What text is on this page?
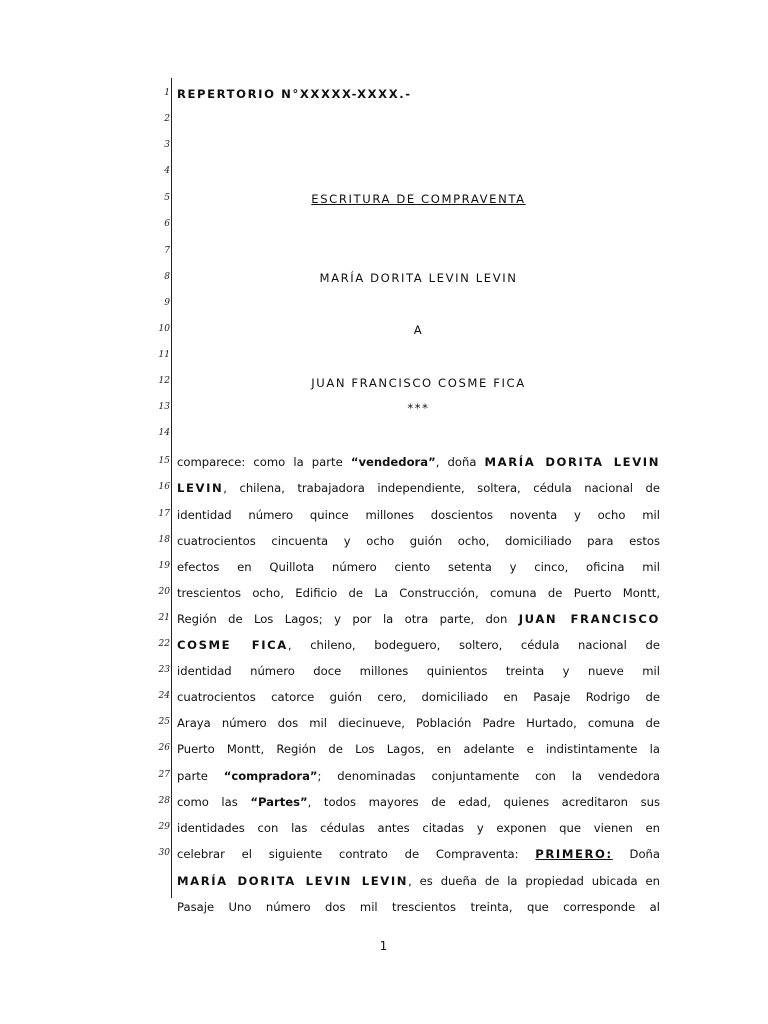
1
2
3
4
5
6
7
8
9
10
11
12
13
14
15
16
17
18
19
20
21
22
23
24
25
26
27
28
29
30
REPERTORIO N°XXXXX-XXXX.-
ESCRITURA DE COMPRAVENTA
MARÍA DORITA LEVIN LEVIN
A
JUAN FRANCISCO COSME FICA
***
comparece: como la parte “vendedora”, doña MARÍA DORITA LEVIN
LEVIN, chilena, trabajadora independiente, soltera, cédula nacional de
identidad número quince millones doscientos noventa y ocho mil
cuatrocientos cincuenta y ocho guión ocho, domiciliado para estos
efectos en Quillota número ciento setenta y cinco, oficina mil
trescientos ocho, Edificio de La Construcción, comuna de Puerto Montt,
Región de Los Lagos; y por la otra parte, don JUAN FRANCISCO
COSME FICA, chileno, bodeguero, soltero, cédula nacional de
identidad número doce millones quinientos treinta y nueve mil
cuatrocientos catorce guión cero, domiciliado en Pasaje Rodrigo de
Araya número dos mil diecinueve, Población Padre Hurtado, comuna de
Puerto Montt, Región de Los Lagos, en adelante e indistintamente la
parte “compradora”; denominadas conjuntamente con la vendedora
como las “Partes”, todos mayores de edad, quienes acreditaron sus
identidades con las cédulas antes citadas y exponen que vienen en
celebrar el siguiente contrato de Compraventa: PRIMERO: Doña
MARÍA DORITA LEVIN LEVIN, es dueña de la propiedad ubicada en
Pasaje Uno número dos mil trescientos treinta, que corresponde al
1
